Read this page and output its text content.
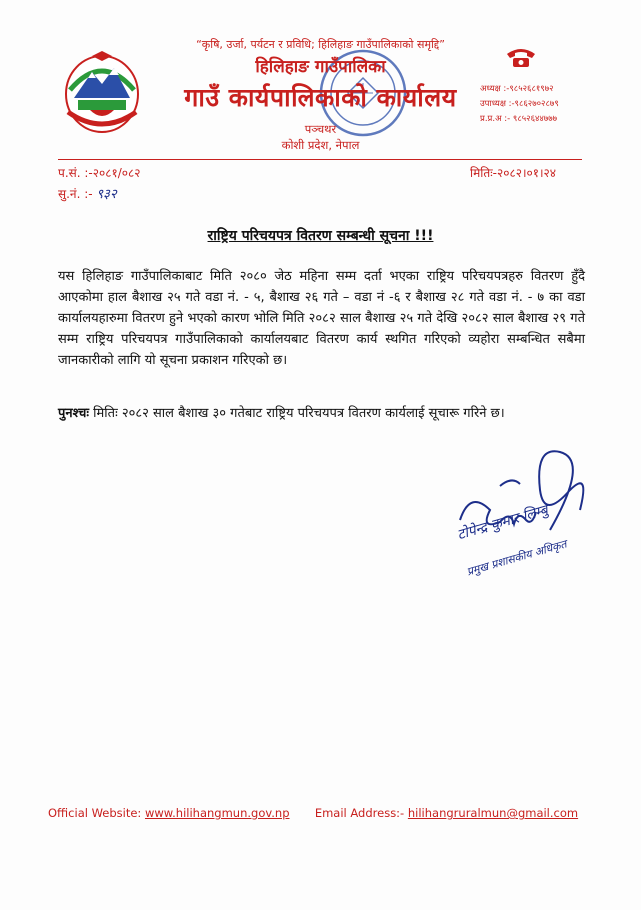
“कृषि, उर्जा, पर्यटन र प्रविधि; हिलिहाङ गाउँपालिकाको समृद्दि”
हिलिहाङ गाउँपालिका
गाउँ कार्यपालिकाको कार्यालय
पञ्चथर
कोशी प्रदेश, नेपाल
अध्यक्ष :-९८५२६८१९७२
उपाध्यक्ष :-९८६२७०२८७९
प्र.प्र.अ :- ९८५२६४४७७७
प.सं. :-२०८१/०८२
सु.नं. :- ९३२
मितिः-२०८२।०१।२४
राष्ट्रिय परिचयपत्र वितरण सम्बन्धी सूचना !!!
यस हिलिहाङ गाउँपालिकाबाट मिति २०८० जेठ महिना सम्म दर्ता भएका राष्ट्रिय परिचयपत्रहरु वितरण हुँदै आएकोमा हाल बैशाख २५ गते वडा नं. - ५, बैशाख २६ गते – वडा नं -६ र बैशाख २८ गते वडा नं. - ७ का वडा कार्यालयहारुमा वितरण हुने भएको कारण भोलि मिति २०८२ साल बैशाख २५ गते देखि २०८२ साल बैशाख २९ गते सम्म राष्ट्रिय परिचयपत्र गाउँपालिकाको कार्यालयबाट वितरण कार्य स्थगित गरिएको व्यहोरा सम्बन्धित सबैमा जानकारीको लागि यो सूचना प्रकाशन गरिएको छ।
पुनश्चः मितिः २०८२ साल बैशाख ३० गतेबाट राष्ट्रिय परिचयपत्र वितरण कार्यलाई सूचारू गरिने छ।
टोपेन्द्र कुमार लिम्बु
प्रमुख प्रशासकीय अधिकृत
Official Website: www.hilihangmun.gov.np Email Address:- hilihangruralmun@gmail.com
